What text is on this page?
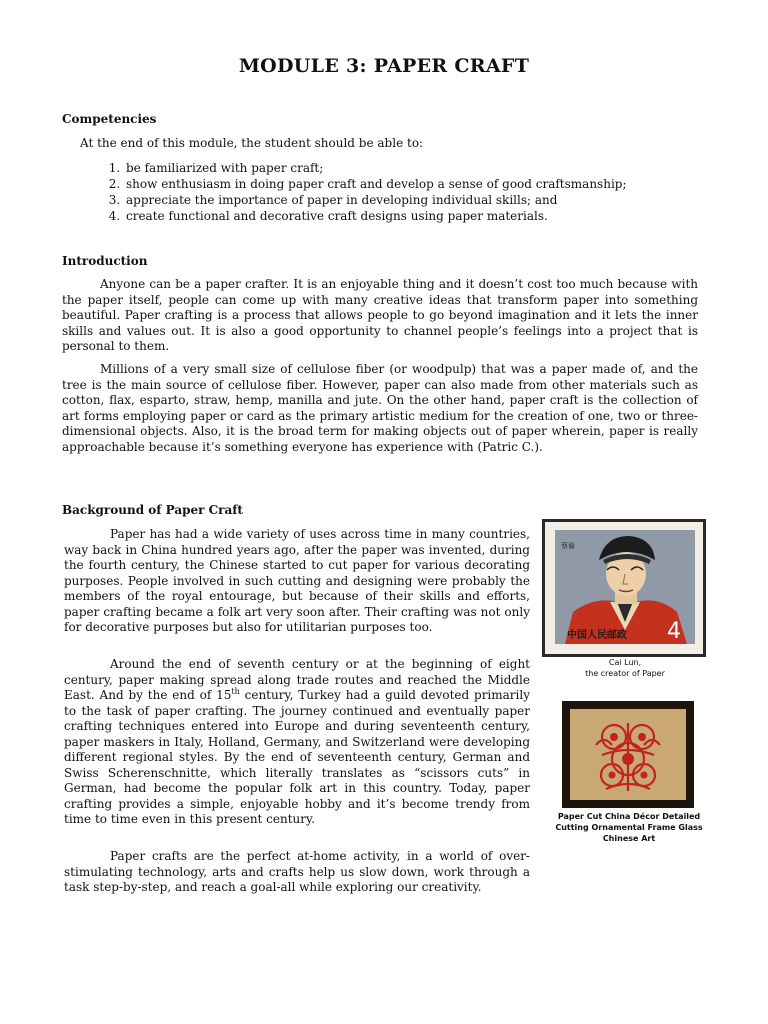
MODULE 3: PAPER CRAFT
Competencies
At the end of this module, the student should be able to:
1. be familiarized with paper craft;
2. show enthusiasm in doing paper craft and develop a sense of good craftsmanship;
3. appreciate the importance of paper in developing individual skills; and
4. create functional and decorative craft designs using paper materials.
Introduction

Anyone can be a paper crafter. It is an enjoyable thing and it doesn’t cost too much because with the paper itself, people can come up with many creative ideas that transform paper into something beautiful. Paper crafting is a process that allows people to go beyond imagination and it lets the inner skills and values out. It is also a good opportunity to channel people’s feelings into a project that is personal to them.

Millions of a very small size of cellulose fiber (or woodpulp) that was a paper made of, and the tree is the main source of cellulose fiber. However, paper can also made from other materials such as cotton, flax, esparto, straw, hemp, manilla and jute. On the other hand, paper craft is the collection of art forms employing paper or card as the primary artistic medium for the creation of one, two or three-dimensional objects. Also, it is the broad term for making objects out of paper wherein, paper is really approachable because it’s something everyone has experience with (Patric C.).

Background of Paper Craft

Paper has had a wide variety of uses across time in many countries, way back in China hundred years ago, after the paper was invented, during the fourth century, the Chinese started to cut paper for various decorating purposes. People involved in such cutting and designing were probably the members of the royal entourage, but because of their skills and efforts, paper crafting became a folk art very soon after. Their crafting was not only for decorative purposes but also for utilitarian purposes too.

Around the end of seventh century or at the beginning of eight century, paper making spread along trade routes and reached the Middle East. And by the end of 15th century, Turkey had a guild devoted primarily to the task of paper crafting. The journey continued and eventually paper crafting techniques entered into Europe and during seventeenth century, paper maskers in Italy, Holland, Germany, and Switzerland were developing different regional styles. By the end of seventeenth century, German and Swiss Scherenschnitte, which literally translates as “scissors cuts” in German, had become the popular folk art in this country. Today, paper crafting provides a simple, enjoyable hobby and it’s become trendy from time to time even in this present century.

Paper crafts are the perfect at-home activity, in a world of over-stimulating technology, arts and crafts help us slow down, work through a task step-by-step, and reach a goal-all while exploring our creativity.

蔡倫
4
中国人民邮政
Cai Lun,
the creator of Paper
Paper Cut China Décor Detailed
Cutting Ornamental Frame Glass
Chinese Art
